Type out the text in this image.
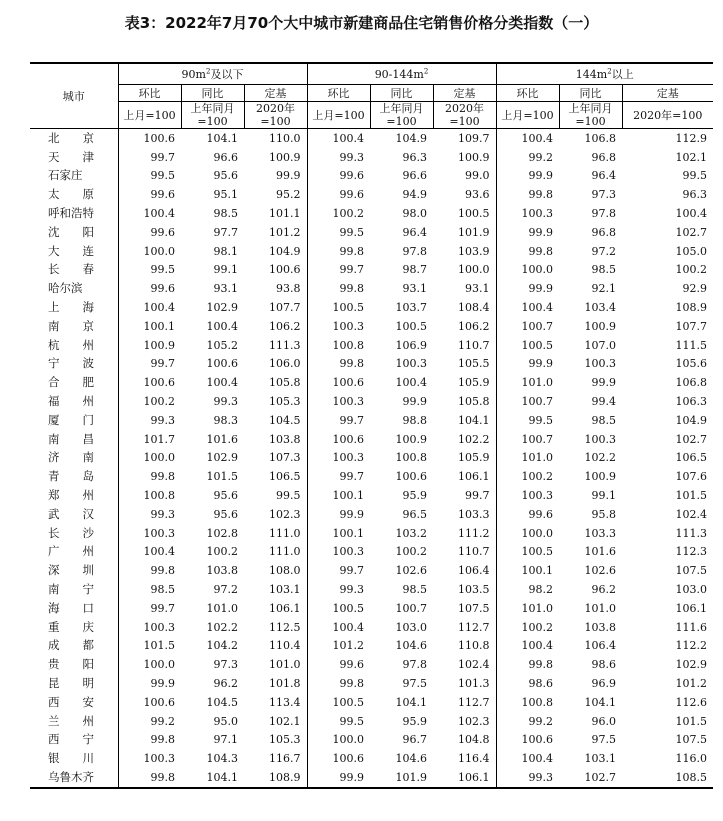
表3：2022年7月70个大中城市新建商品住宅销售价格分类指数（一）
城市	$90m^2$及以下			$90-144m^2$			$144m^2$以上		
	环比	同比	定基	环比	同比	定基	环比	同比	定基
	上月=100	上年同月=100	2020年=100	上月=100	上年同月=100	2020年=100	上月=100	上年同月=100	2020年=100
北　　京	100.6	104.1	110.0	100.4	104.9	109.7	100.4	106.8	112.9
天　　津	99.7	96.6	100.9	99.3	96.3	100.9	99.2	96.8	102.1
石家庄	99.5	95.6	99.9	99.6	96.6	99.0	99.9	96.4	99.5
太　　原	99.6	95.1	95.2	99.6	94.9	93.6	99.8	97.3	96.3
呼和浩特	100.4	98.5	101.1	100.2	98.0	100.5	100.3	97.8	100.4
沈　　阳	99.6	97.7	101.2	99.5	96.4	101.9	99.9	96.8	102.7
大　　连	100.0	98.1	104.9	99.8	97.8	103.9	99.8	97.2	105.0
长　　春	99.5	99.1	100.6	99.7	98.7	100.0	100.0	98.5	100.2
哈尔滨	99.6	93.1	93.8	99.8	93.1	93.1	99.9	92.1	92.9
上　　海	100.4	102.9	107.7	100.5	103.7	108.4	100.4	103.4	108.9
南　　京	100.1	100.4	106.2	100.3	100.5	106.2	100.7	100.9	107.7
杭　　州	100.9	105.2	111.3	100.8	106.9	110.7	100.5	107.0	111.5
宁　　波	99.7	100.6	106.0	99.8	100.3	105.5	99.9	100.3	105.6
合　　肥	100.6	100.4	105.8	100.6	100.4	105.9	101.0	99.9	106.8
福　　州	100.2	99.3	105.3	100.3	99.9	105.8	100.7	99.4	106.3
厦　　门	99.3	98.3	104.5	99.7	98.8	104.1	99.5	98.5	104.9
南　　昌	101.7	101.6	103.8	100.6	100.9	102.2	100.7	100.3	102.7
济　　南	100.0	102.9	107.3	100.3	100.8	105.9	101.0	102.2	106.5
青　　岛	99.8	101.5	106.5	99.7	100.6	106.1	100.2	100.9	107.6
郑　　州	100.8	95.6	99.5	100.1	95.9	99.7	100.3	99.1	101.5
武　　汉	99.3	95.6	102.3	99.9	96.5	103.3	99.6	95.8	102.4
长　　沙	100.3	102.8	111.0	100.1	103.2	111.2	100.0	103.3	111.3
广　　州	100.4	100.2	111.0	100.3	100.2	110.7	100.5	101.6	112.3
深　　圳	99.8	103.8	108.0	99.7	102.6	106.4	100.1	102.6	107.5
南　　宁	98.5	97.2	103.1	99.3	98.5	103.5	98.2	96.2	103.0
海　　口	99.7	101.0	106.1	100.5	100.7	107.5	101.0	101.0	106.1
重　　庆	100.3	102.2	112.5	100.4	103.0	112.7	100.2	103.8	111.6
成　　都	101.5	104.2	110.4	101.2	104.6	110.8	100.4	106.4	112.2
贵　　阳	100.0	97.3	101.0	99.6	97.8	102.4	99.8	98.6	102.9
昆　　明	99.9	96.2	101.8	99.8	97.5	101.3	98.6	96.9	101.2
西　　安	100.6	104.5	113.4	100.5	104.1	112.7	100.8	104.1	112.6
兰　　州	99.2	95.0	102.1	99.5	95.9	102.3	99.2	96.0	101.5
西　　宁	99.8	97.1	105.3	100.0	96.7	104.8	100.6	97.5	107.5
银　　川	100.3	104.3	116.7	100.6	104.6	116.4	100.4	103.1	116.0
乌鲁木齐	99.8	104.1	108.9	99.9	101.9	106.1	99.3	102.7	108.5
